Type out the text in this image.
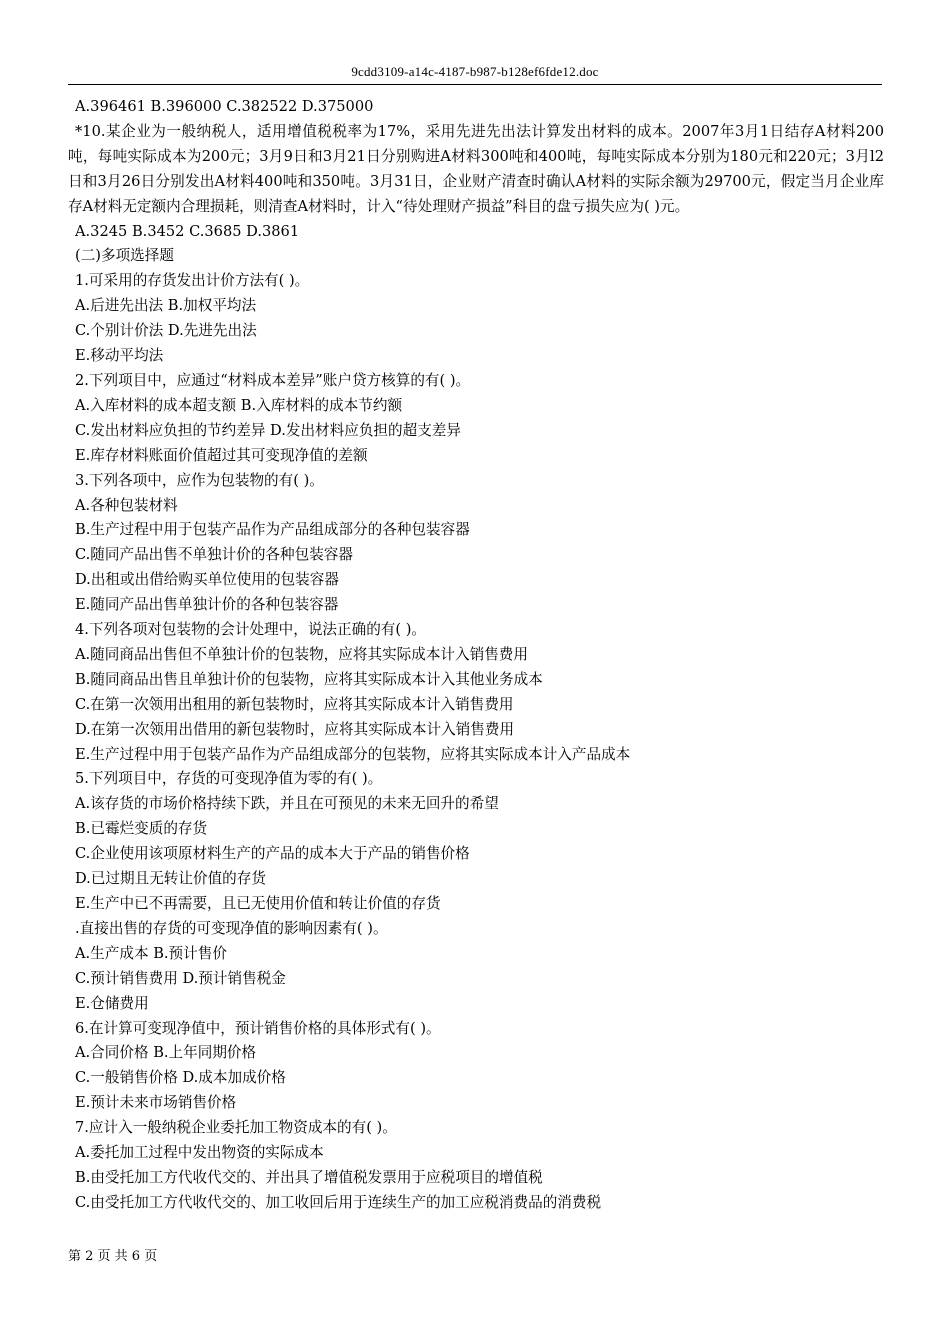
9cdd3109-a14c-4187-b987-b128ef6fde12.doc
A.396461 B.396000 C.382522 D.375000
*10.某企业为一般纳税人，适用增值税税率为17%，采用先进先出法计算发出材料的成本。2007年3月1日结存A材料200吨，每吨实际成本为200元；3月9日和3月21日分别购进A材料300吨和400吨，每吨实际成本分别为180元和220元；3月l2日和3月26日分别发出A材料400吨和350吨。3月31日，企业财产清查时确认A材料的实际余额为29700元，假定当月企业库存A材料无定额内合理损耗，则清查A材料时，计入“待处理财产损益”科目的盘亏损失应为( )元。
A.3245 B.3452 C.3685 D.3861
(二)多项选择题
1.可采用的存货发出计价方法有( )。
A.后进先出法 B.加权平均法
C.个别计价法 D.先进先出法
E.移动平均法
2.下列项目中，应通过“材料成本差异”账户贷方核算的有( )。
A.入库材料的成本超支额 B.入库材料的成本节约额
C.发出材料应负担的节约差异 D.发出材料应负担的超支差异
E.库存材料账面价值超过其可变现净值的差额
3.下列各项中，应作为包装物的有( )。
A.各种包装材料
B.生产过程中用于包装产品作为产品组成部分的各种包装容器
C.随同产品出售不单独计价的各种包装容器
D.出租或出借给购买单位使用的包装容器
E.随同产品出售单独计价的各种包装容器
4.下列各项对包装物的会计处理中，说法正确的有( )。
A.随同商品出售但不单独计价的包装物，应将其实际成本计入销售费用
B.随同商品出售且单独计价的包装物，应将其实际成本计入其他业务成本
C.在第一次领用出租用的新包装物时，应将其实际成本计入销售费用
D.在第一次领用出借用的新包装物时，应将其实际成本计入销售费用
E.生产过程中用于包装产品作为产品组成部分的包装物，应将其实际成本计入产品成本
5.下列项目中，存货的可变现净值为零的有( )。
A.该存货的市场价格持续下跌，并且在可预见的未来无回升的希望
B.已霉烂变质的存货
C.企业使用该项原材料生产的产品的成本大于产品的销售价格
D.已过期且无转让价值的存货
E.生产中已不再需要，且已无使用价值和转让价值的存货
.直接出售的存货的可变现净值的影响因素有( )。
A.生产成本 B.预计售价
C.预计销售费用 D.预计销售税金
E.仓储费用
6.在计算可变现净值中，预计销售价格的具体形式有( )。
A.合同价格 B.上年同期价格
C.一般销售价格 D.成本加成价格
E.预计未来市场销售价格
7.应计入一般纳税企业委托加工物资成本的有( )。
A.委托加工过程中发出物资的实际成本
B.由受托加工方代收代交的、并出具了增值税发票用于应税项目的增值税
C.由受托加工方代收代交的、加工收回后用于连续生产的加工应税消费品的消费税
第 2 页 共 6 页
